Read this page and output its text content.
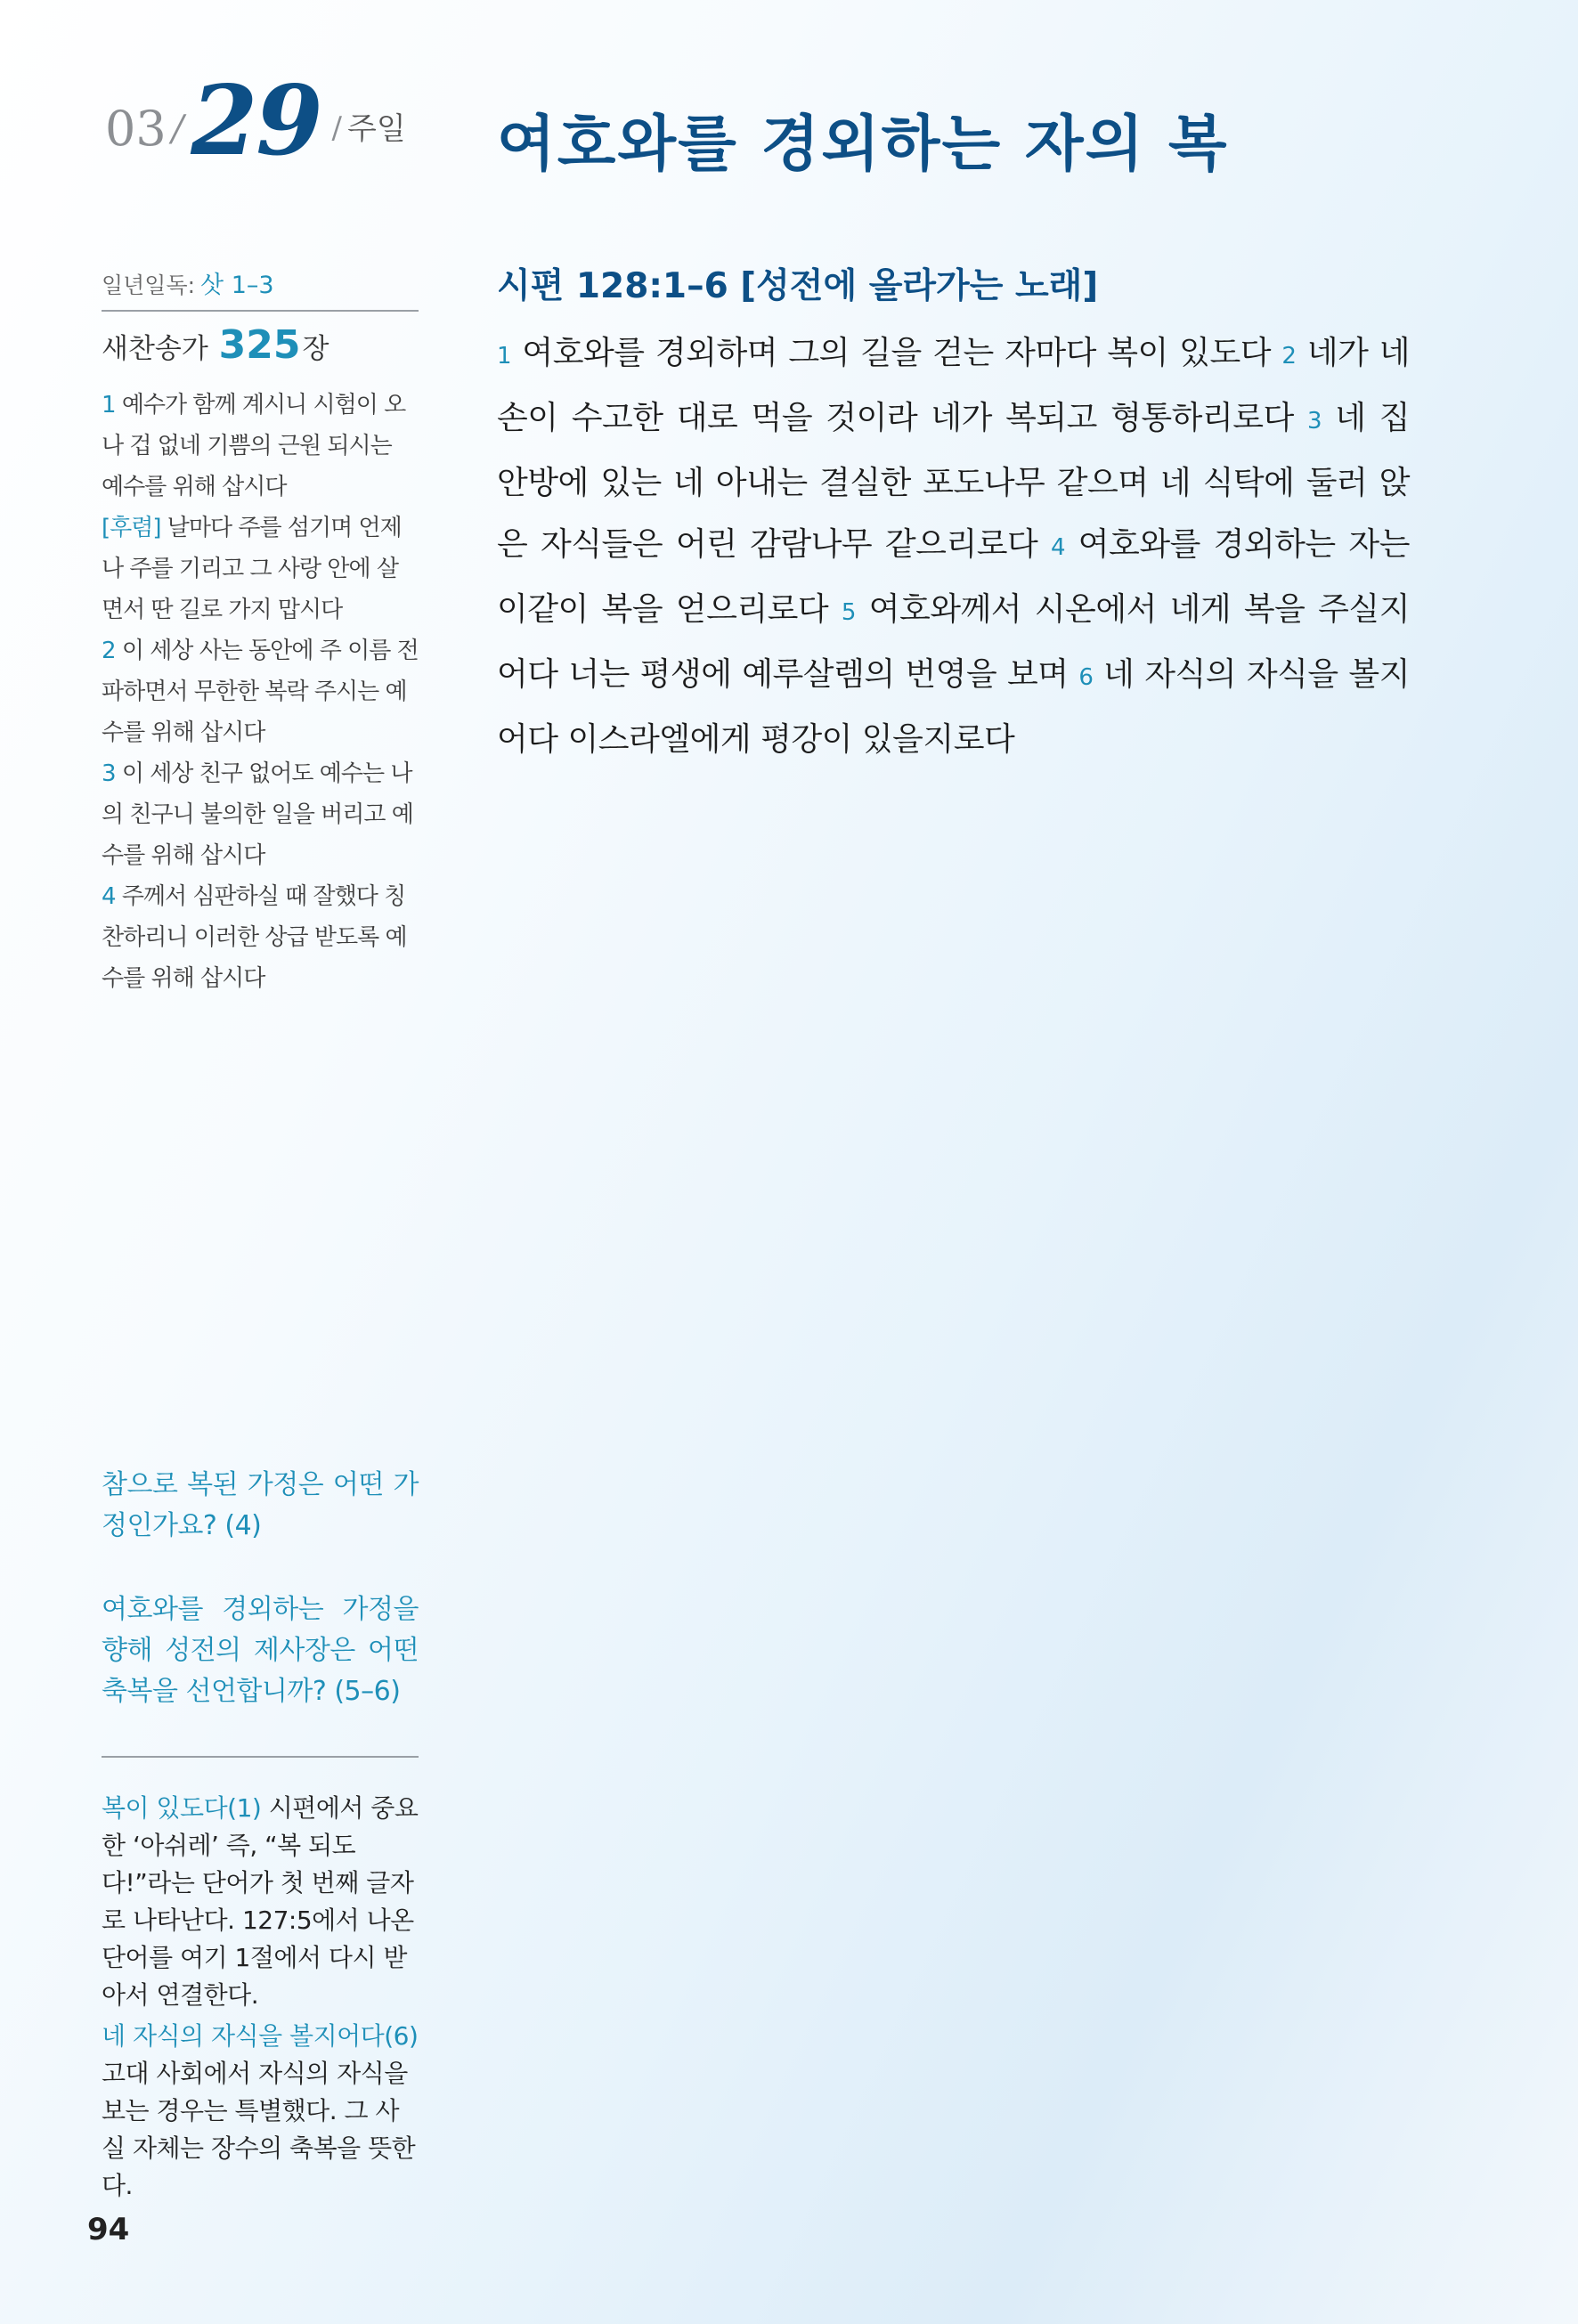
03 / 29 / 주일 여호와를 경외하는 자의 복
일년일독: 삿 1–3
새찬송가 325장

1 예수가 함께 계시니 시험이 오나 겁 없네 기쁨의 근원 되시는 예수를 위해 삽시다

[후렴] 날마다 주를 섬기며 언제나 주를 기리고 그 사랑 안에 살면서 딴 길로 가지 맙시다

2 이 세상 사는 동안에 주 이름 전파하면서 무한한 복락 주시는 예수를 위해 삽시다

3 이 세상 친구 없어도 예수는 나의 친구니 불의한 일을 버리고 예수를 위해 삽시다

4 주께서 심판하실 때 잘했다 칭찬하리니 이러한 상급 받도록 예수를 위해 삽시다

참으로 복된 가정은 어떤 가정인가요? (4)
여호와를 경외하는 가정을 향해 성전의 제사장은 어떤 축복을 선언합니까? (5–6)

복이 있도다(1) 시편에서 중요한 ‘아쉬레’ 즉, “복 되도다!”라는 단어가 첫 번째 글자로 나타난다. 127:5에서 나온 단어를 여기 1절에서 다시 받아서 연결한다.

네 자식의 자식을 볼지어다(6) 고대 사회에서 자식의 자식을 보는 경우는 특별했다. 그 사실 자체는 장수의 축복을 뜻한다.

94
시편 128:1–6 [성전에 올라가는 노래]
1 여호와를 경외하며 그의 길을 걷는 자마다 복이 있도다 2 네가 네 손이 수고한 대로 먹을 것이라 네가 복되고 형통하리로다 3 네 집 안방에 있는 네 아내는 결실한 포도나무 같으며 네 식탁에 둘러 앉은 자식들은 어린 감람나무 같으리로다 4 여호와를 경외하는 자는 이같이 복을 얻으리로다 5 여호와께서 시온에서 네게 복을 주실지어다 너는 평생에 예루살렘의 번영을 보며 6 네 자식의 자식을 볼지어다 이스라엘에게 평강이 있을지로다
